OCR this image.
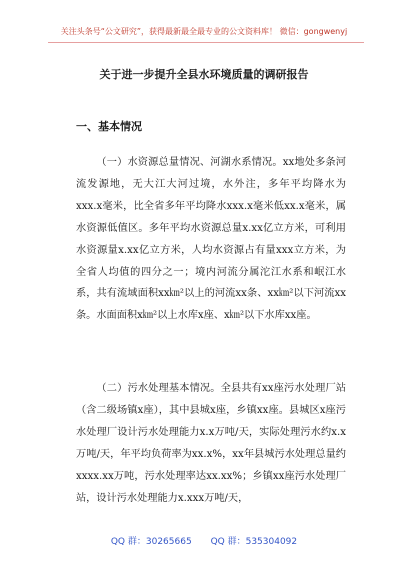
关注头条号“公文研究”，获得最新最全最专业的公文资料库！ 微信：gongwenyj
关于进一步提升全县水环境质量的调研报告
一、基本情况
（一）水资源总量情况、河湖水系情况。xx地处多条河流发源地，无大江大河过境，水外注，多年平均降水为xxx.x毫米，比全省多年平均降水xxx.x毫米低xx.x毫米，属水资源低值区。多年平均水资源总量x.xx亿立方米，可利用水资源量x.xx亿立方米，人均水资源占有量xxx立方米，为全省人均值的四分之一；境内河流分属沱江水系和岷江水系，共有流域面积xx㎞²以上的河流xx条、xx㎞²以下河流xx条。水面面积x㎞²以上水库x座、x㎞²以下水库xx座。
（二）污水处理基本情况。全县共有xx座污水处理厂站（含二级场镇x座），其中县城x座，乡镇xx座。县城区x座污水处理厂设计污水处理能力x.x万吨/天，实际处理污水约x.x万吨/天，年平均负荷率为xx.x%，xx年县城污水处理总量约xxxx.xx万吨，污水处理率达xx.xx%；乡镇xx座污水处理厂站，设计污水处理能力x.xxx万吨/天，
QQ 群：30265665 QQ 群：535304092
